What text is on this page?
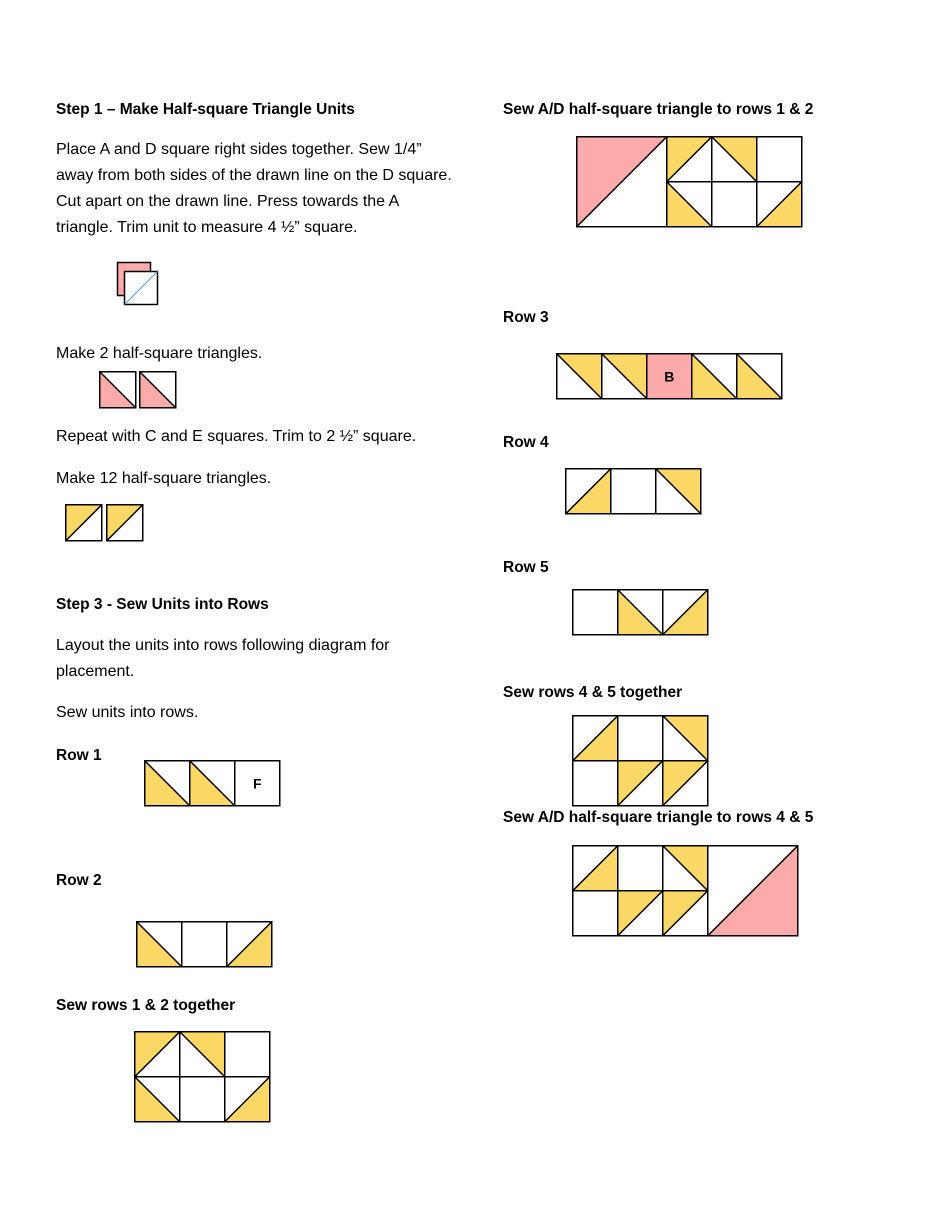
Step 1 – Make Half-square Triangle Units

Place A and D square right sides together. Sew 1/4” away from both sides of the drawn line on the D square. Cut apart on the drawn line. Press towards the A triangle. Trim unit to measure 4 ½” square.

Make 2 half-square triangles.

Repeat with C and E squares. Trim to 2 ½” square.

Make 12 half-square triangles.

Step 3 - Sew Units into Rows

Layout the units into rows following diagram for placement.

Sew units into rows.

Row 1
F
Row 2
Sew rows 1 & 2 together
Sew A/D half-square triangle to rows 1 & 2
Row 3
B
Row 4
Row 5
Sew rows 4 & 5 together
Sew A/D half-square triangle to rows 4 & 5
